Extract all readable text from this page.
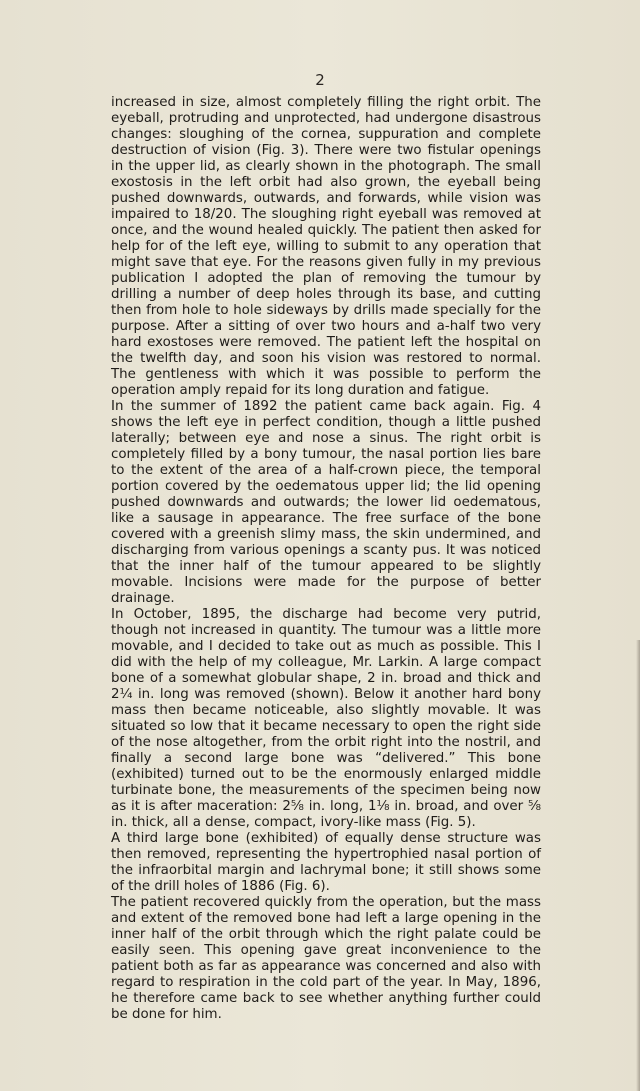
2

increased in size, almost completely filling the right orbit. The eyeball, protruding and unprotected, had undergone disastrous changes: sloughing of the cornea, suppuration and complete destruction of vision (Fig. 3). There were two fistular openings in the upper lid, as clearly shown in the photograph. The small exostosis in the left orbit had also grown, the eyeball being pushed downwards, outwards, and forwards, while vision was impaired to 18/20. The sloughing right eyeball was removed at once, and the wound healed quickly. The patient then asked for help for of the left eye, willing to submit to any operation that might save that eye. For the reasons given fully in my previous publication I adopted the plan of removing the tumour by drilling a number of deep holes through its base, and cutting then from hole to hole sideways by drills made specially for the purpose. After a sitting of over two hours and a-half two very hard exostoses were removed. The patient left the hospital on the twelfth day, and soon his vision was restored to normal. The gentleness with which it was possible to perform the operation amply repaid for its long duration and fatigue.

In the summer of 1892 the patient came back again. Fig. 4 shows the left eye in perfect condition, though a little pushed laterally; between eye and nose a sinus. The right orbit is completely filled by a bony tumour, the nasal portion lies bare to the extent of the area of a half-crown piece, the temporal portion covered by the oedematous upper lid; the lid opening pushed downwards and outwards; the lower lid oedematous, like a sausage in appearance. The free surface of the bone covered with a greenish slimy mass, the skin undermined, and discharging from various openings a scanty pus. It was noticed that the inner half of the tumour appeared to be slightly movable. Incisions were made for the purpose of better drainage.

In October, 1895, the discharge had become very putrid, though not increased in quantity. The tumour was a little more movable, and I decided to take out as much as possible. This I did with the help of my colleague, Mr. Larkin. A large compact bone of a somewhat globular shape, 2 in. broad and thick and 2¼ in. long was removed (shown). Below it another hard bony mass then became noticeable, also slightly movable. It was situated so low that it became necessary to open the right side of the nose altogether, from the orbit right into the nostril, and finally a second large bone was “delivered.” This bone (exhibited) turned out to be the enormously enlarged middle turbinate bone, the measurements of the specimen being now as it is after maceration: 2⅝ in. long, 1⅛ in. broad, and over ⅝ in. thick, all a dense, compact, ivory-like mass (Fig. 5).

A third large bone (exhibited) of equally dense structure was then removed, representing the hypertrophied nasal portion of the infraorbital margin and lachrymal bone; it still shows some of the drill holes of 1886 (Fig. 6).

The patient recovered quickly from the operation, but the mass and extent of the removed bone had left a large opening in the inner half of the orbit through which the right palate could be easily seen. This opening gave great inconvenience to the patient both as far as appearance was concerned and also with regard to respiration in the cold part of the year. In May, 1896, he therefore came back to see whether anything further could be done for him.
